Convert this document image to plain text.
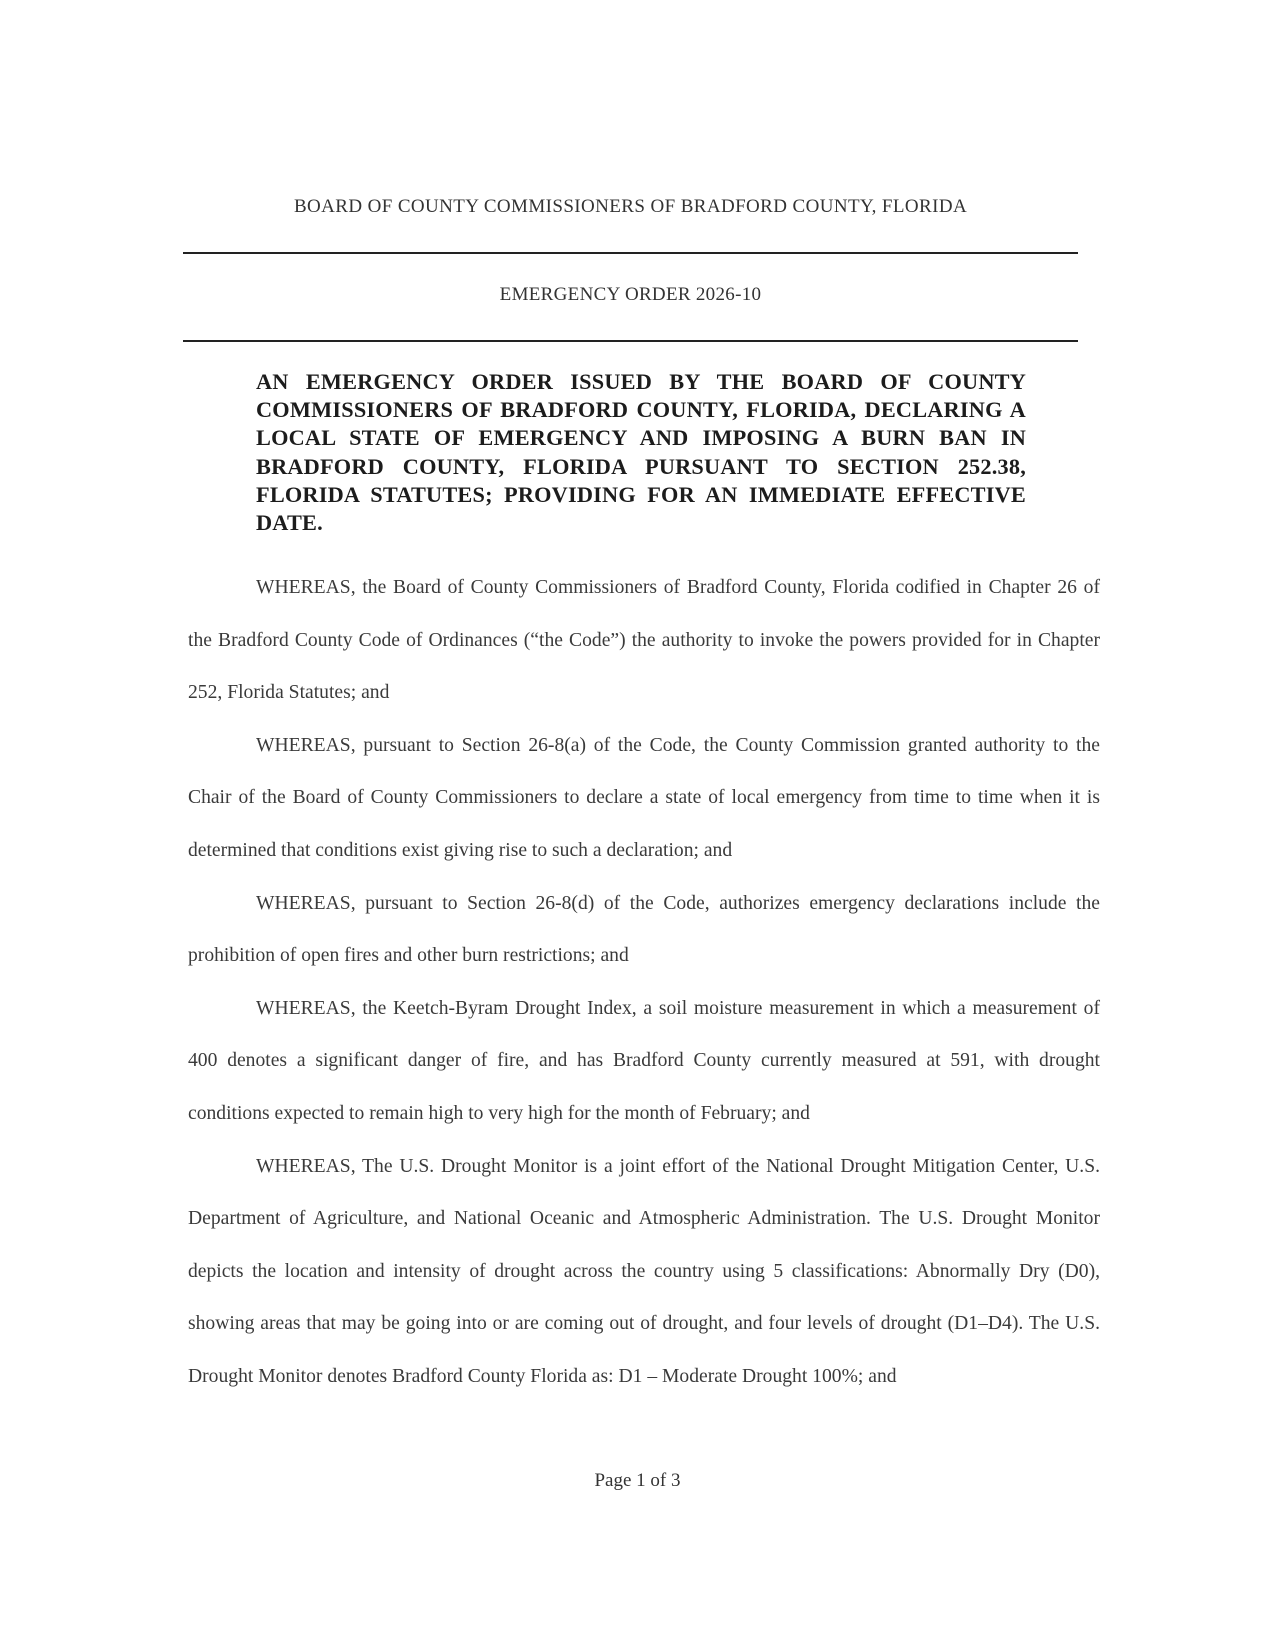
BOARD OF COUNTY COMMISSIONERS OF BRADFORD COUNTY, FLORIDA
EMERGENCY ORDER 2026-10
AN EMERGENCY ORDER ISSUED BY THE BOARD OF COUNTY COMMISSIONERS OF BRADFORD COUNTY, FLORIDA, DECLARING A LOCAL STATE OF EMERGENCY AND IMPOSING A BURN BAN IN BRADFORD COUNTY, FLORIDA PURSUANT TO SECTION 252.38, FLORIDA STATUTES; PROVIDING FOR AN IMMEDIATE EFFECTIVE DATE.

WHEREAS, the Board of County Commissioners of Bradford County, Florida codified in Chapter 26 of the Bradford County Code of Ordinances (“the Code”) the authority to invoke the powers provided for in Chapter 252, Florida Statutes; and

WHEREAS, pursuant to Section 26-8(a) of the Code, the County Commission granted authority to the Chair of the Board of County Commissioners to declare a state of local emergency from time to time when it is determined that conditions exist giving rise to such a declaration; and

WHEREAS, pursuant to Section 26-8(d) of the Code, authorizes emergency declarations include the prohibition of open fires and other burn restrictions; and

WHEREAS, the Keetch-Byram Drought Index, a soil moisture measurement in which a measurement of 400 denotes a significant danger of fire, and has Bradford County currently measured at 591, with drought conditions expected to remain high to very high for the month of February; and

WHEREAS, The U.S. Drought Monitor is a joint effort of the National Drought Mitigation Center, U.S. Department of Agriculture, and National Oceanic and Atmospheric Administration. The U.S. Drought Monitor depicts the location and intensity of drought across the country using 5 classifications: Abnormally Dry (D0), showing areas that may be going into or are coming out of drought, and four levels of drought (D1–D4). The U.S. Drought Monitor denotes Bradford County Florida as: D1 – Moderate Drought 100%; and

Page 1 of 3
